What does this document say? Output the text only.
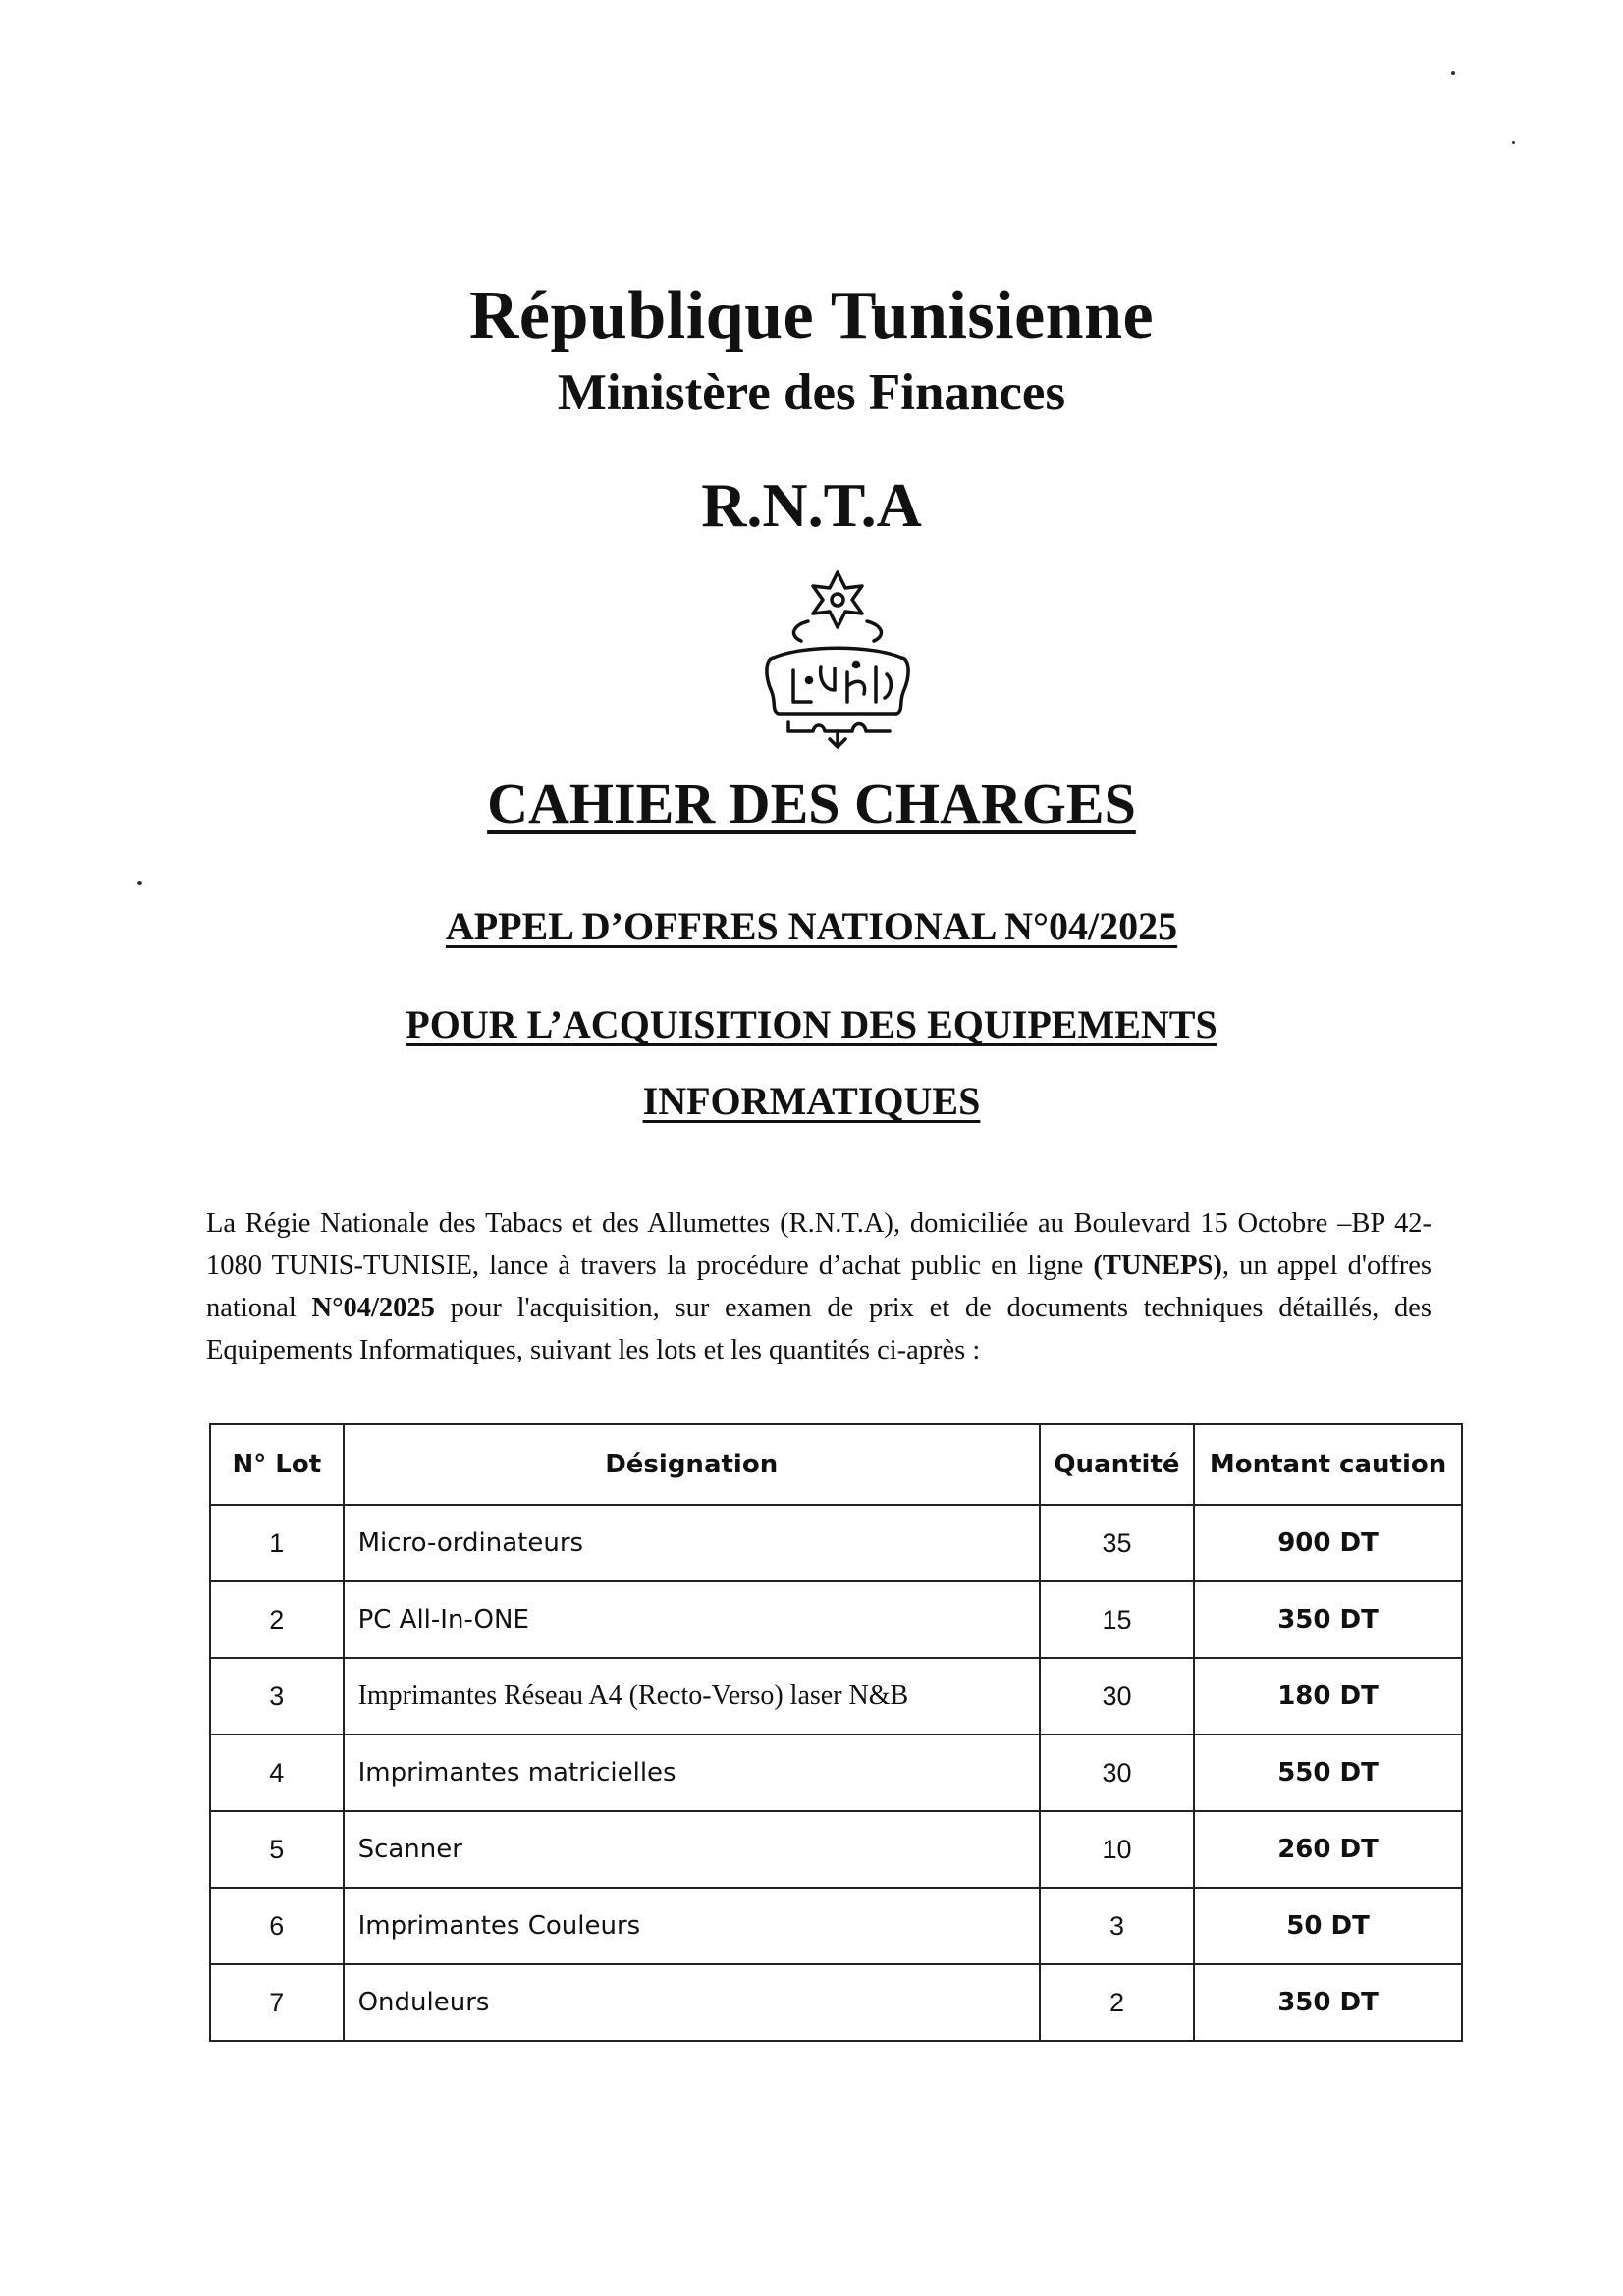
République Tunisienne
Ministère des Finances
R.N.T.A
CAHIER DES CHARGES
APPEL D’OFFRES NATIONAL N°04/2025
POUR L’ACQUISITION DES EQUIPEMENTS
INFORMATIQUES

La Régie Nationale des Tabacs et des Allumettes (R.N.T.A), domiciliée au Boulevard 15 Octobre –BP 42- 1080 TUNIS-TUNISIE, lance à travers la procédure d’achat public en ligne (TUNEPS), un appel d'offres national N°04/2025 pour l'acquisition, sur examen de prix et de documents techniques détaillés, des Equipements Informatiques, suivant les lots et les quantités ci-après :

N° Lot	Désignation	Quantité	Montant caution
1	Micro-ordinateurs	35	900 DT
2	PC All-In-ONE	15	350 DT
3	Imprimantes Réseau A4 (Recto-Verso) laser N&B	30	180 DT
4	Imprimantes matricielles	30	550 DT
5	Scanner	10	260 DT
6	Imprimantes Couleurs	3	50 DT
7	Onduleurs	2	350 DT
